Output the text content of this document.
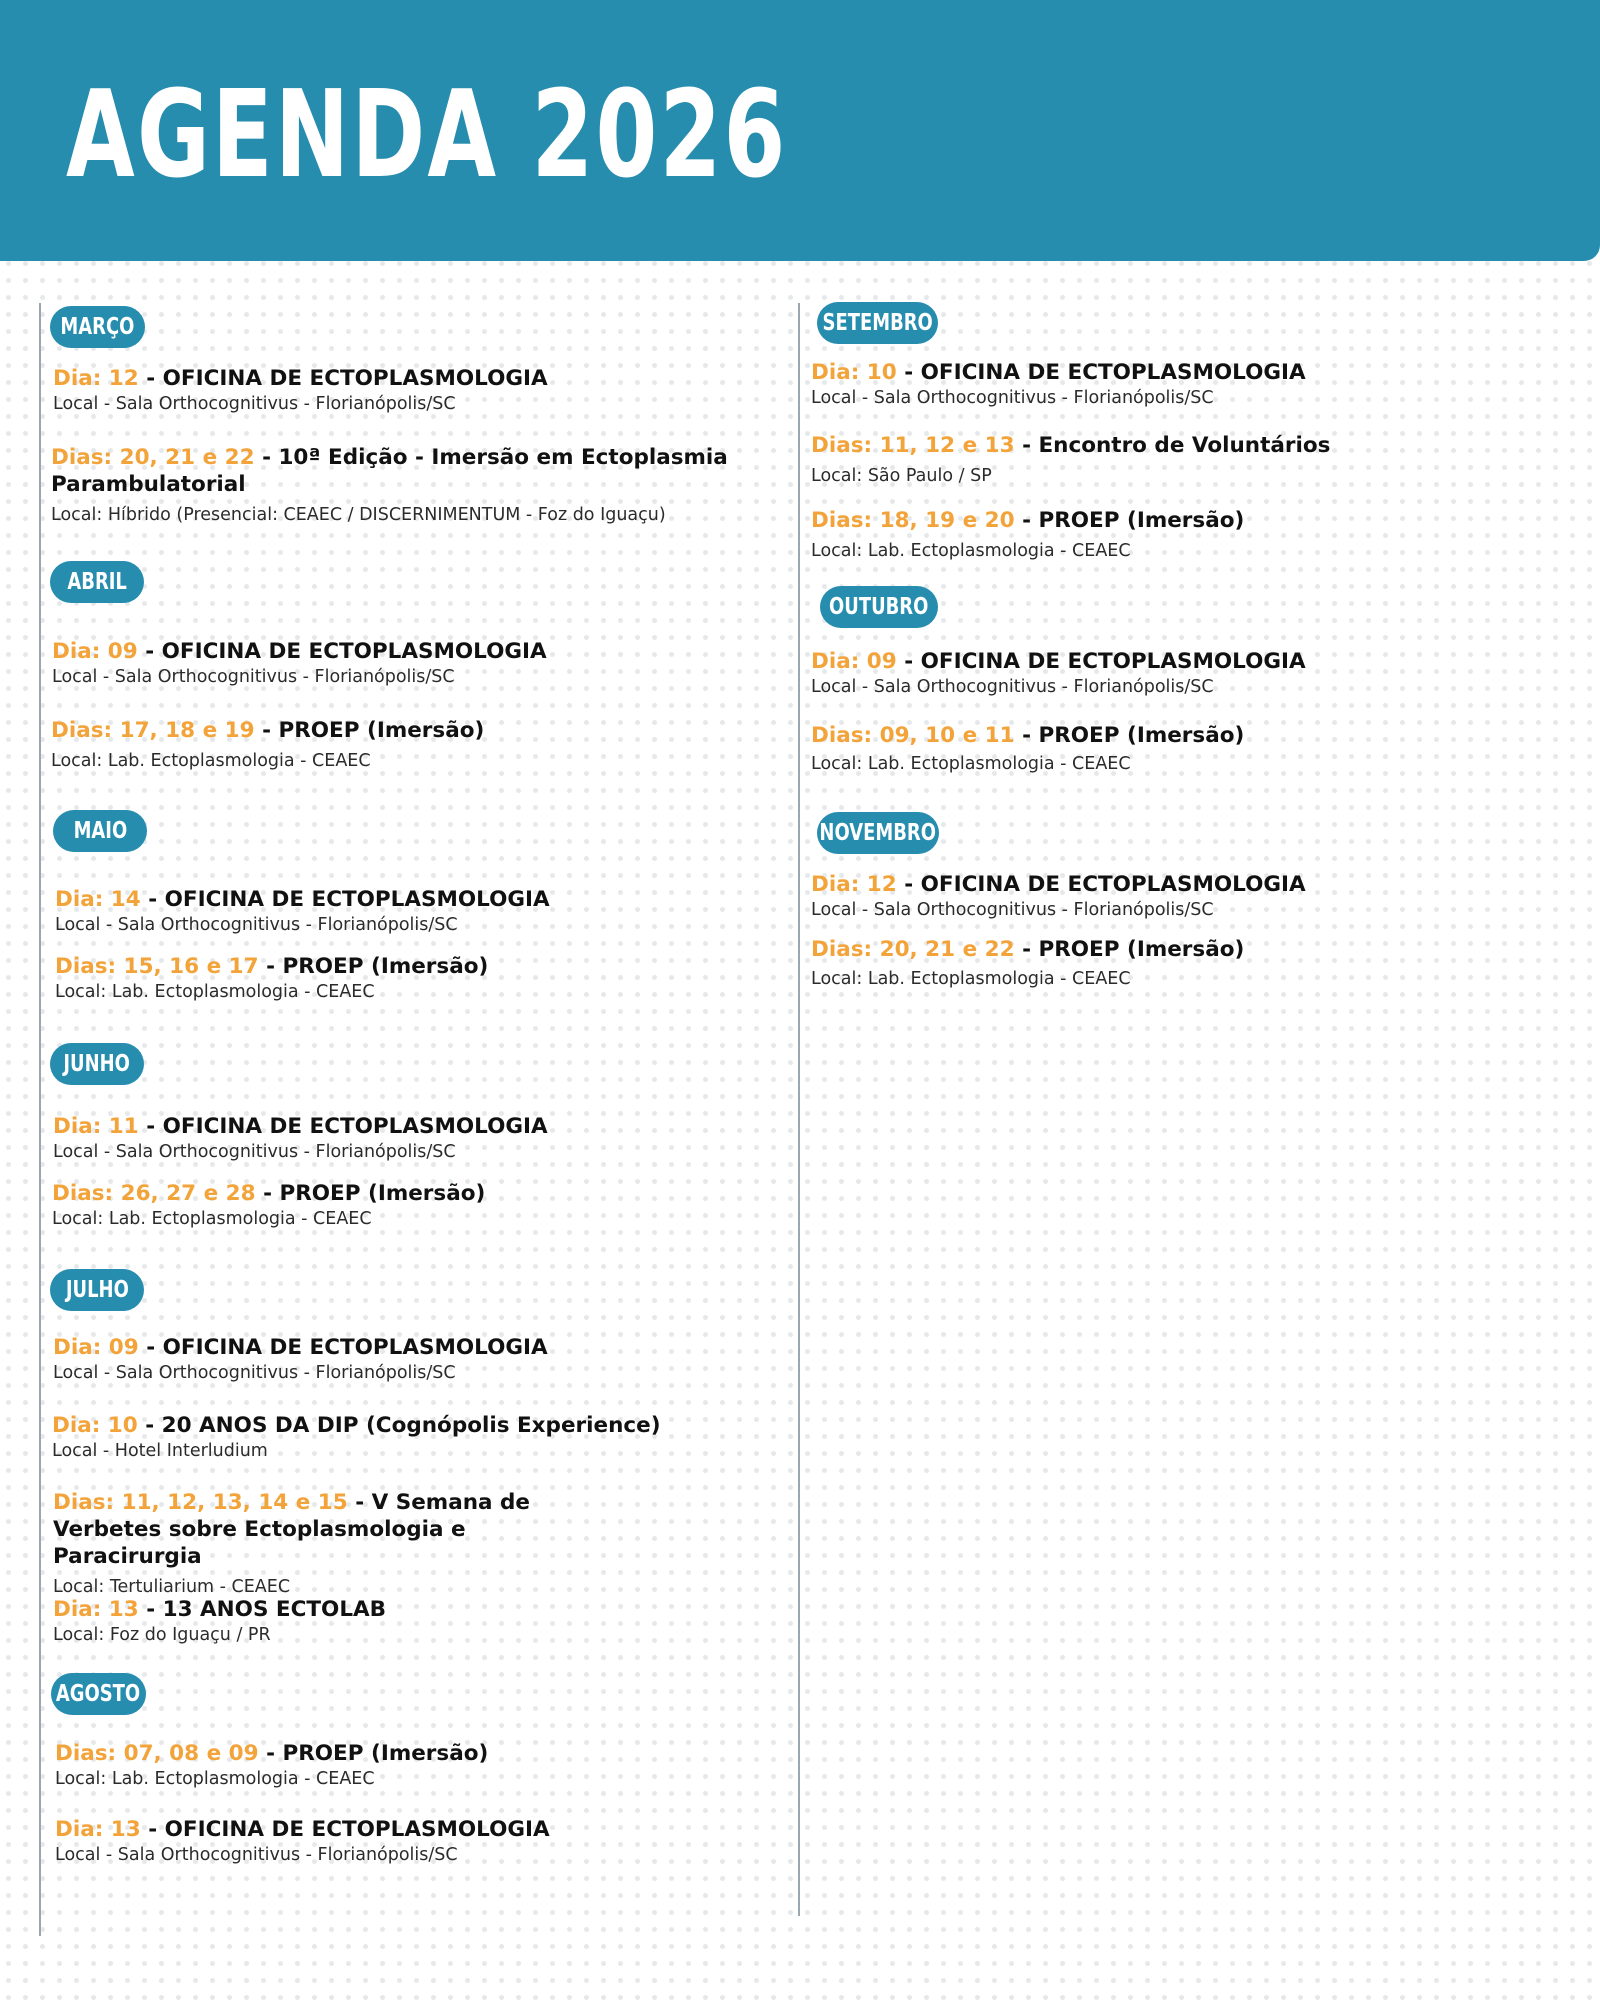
AGENDA 2026
MARÇO

Dia: 12 - OFICINA DE ECTOPLASMOLOGIA

Local - Sala Orthocognitivus - Florianópolis/SC

Dias: 20, 21 e 22 - 10ª Edição - Imersão em Ectoplasmia Parambulatorial

Local: Híbrido (Presencial: CEAEC / DISCERNIMENTUM - Foz do Iguaçu)

ABRIL

Dia: 09 - OFICINA DE ECTOPLASMOLOGIA

Local - Sala Orthocognitivus - Florianópolis/SC

Dias: 17, 18 e 19 - PROEP (Imersão)

Local: Lab. Ectoplasmologia - CEAEC

MAIO

Dia: 14 - OFICINA DE ECTOPLASMOLOGIA

Local - Sala Orthocognitivus - Florianópolis/SC

Dias: 15, 16 e 17 - PROEP (Imersão)

Local: Lab. Ectoplasmologia - CEAEC

JUNHO

Dia: 11 - OFICINA DE ECTOPLASMOLOGIA

Local - Sala Orthocognitivus - Florianópolis/SC

Dias: 26, 27 e 28 - PROEP (Imersão)

Local: Lab. Ectoplasmologia - CEAEC

JULHO

Dia: 09 - OFICINA DE ECTOPLASMOLOGIA

Local - Sala Orthocognitivus - Florianópolis/SC

Dia: 10 - 20 ANOS DA DIP (Cognópolis Experience)

Local - Hotel Interludium

Dias: 11, 12, 13, 14 e 15 - V Semana de Verbetes sobre Ectoplasmologia e Paracirurgia

Local: Tertuliarium - CEAEC

Dia: 13 - 13 ANOS ECTOLAB

Local: Foz do Iguaçu / PR

AGOSTO

Dias: 07, 08 e 09 - PROEP (Imersão)

Local: Lab. Ectoplasmologia - CEAEC

Dia: 13 - OFICINA DE ECTOPLASMOLOGIA

Local - Sala Orthocognitivus - Florianópolis/SC

SETEMBRO

Dia: 10 - OFICINA DE ECTOPLASMOLOGIA

Local - Sala Orthocognitivus - Florianópolis/SC

Dias: 11, 12 e 13 - Encontro de Voluntários

Local: São Paulo / SP

Dias: 18, 19 e 20 - PROEP (Imersão)

Local: Lab. Ectoplasmologia - CEAEC

OUTUBRO

Dia: 09 - OFICINA DE ECTOPLASMOLOGIA

Local - Sala Orthocognitivus - Florianópolis/SC

Dias: 09, 10 e 11 - PROEP (Imersão)

Local: Lab. Ectoplasmologia - CEAEC

NOVEMBRO

Dia: 12 - OFICINA DE ECTOPLASMOLOGIA

Local - Sala Orthocognitivus - Florianópolis/SC

Dias: 20, 21 e 22 - PROEP (Imersão)

Local: Lab. Ectoplasmologia - CEAEC
